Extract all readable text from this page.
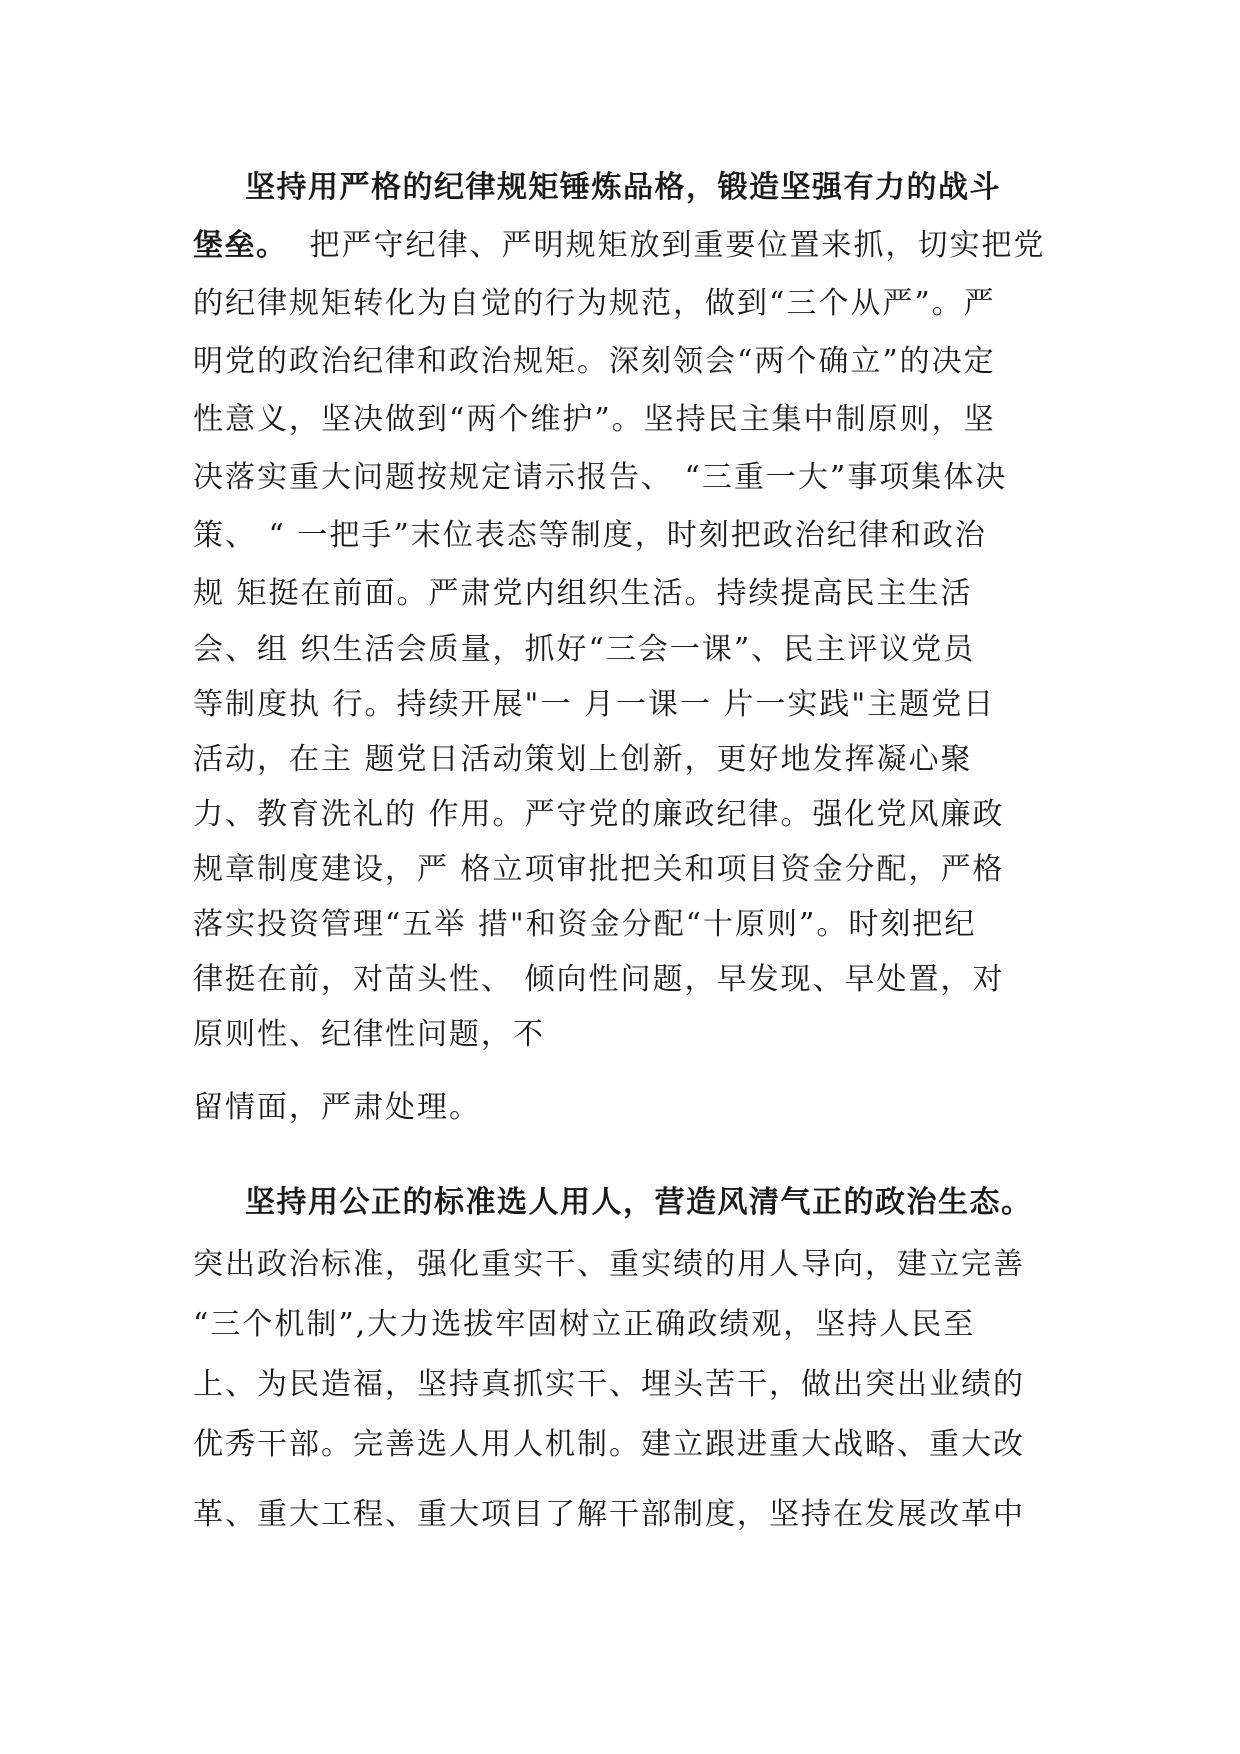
坚持用严格的纪律规矩锤炼品格，锻造坚强有力的战斗
堡垒。 把严守纪律、严明规矩放到重要位置来抓，切实把党
的纪律规矩转化为自觉的行为规范，做到“三个从严”。严
明党的政治纪律和政治规矩。深刻领会“两个确立”的决定
性意义，坚决做到“两个维护”。坚持民主集中制原则，坚
决落实重大问题按规定请示报告、 “三重一大”事项集体决
策、 “ 一把手”末位表态等制度，时刻把政治纪律和政治
规 矩挺在前面。严肃党内组织生活。持续提高民主生活
会、组 织生活会质量，抓好“三会一课”、民主评议党员
等制度执 行。持续开展"一 月一课一 片一实践"主题党日
活动，在主 题党日活动策划上创新，更好地发挥凝心聚
力、教育洗礼的 作用。严守党的廉政纪律。强化党风廉政
规章制度建设，严 格立项审批把关和项目资金分配，严格
落实投资管理“五举 措"和资金分配“十原则”。时刻把纪
律挺在前，对苗头性、 倾向性问题，早发现、早处置，对
原则性、纪律性问题，不
留情面，严肃处理。
坚持用公正的标准选人用人，营造风清气正的政治生态。
突出政治标准，强化重实干、重实绩的用人导向，建立完善
“三个机制”,大力选拔牢固树立正确政绩观，坚持人民至
上、为民造福，坚持真抓实干、埋头苦干，做出突出业绩的
优秀干部。完善选人用人机制。建立跟进重大战略、重大改
革、重大工程、重大项目了解干部制度，坚持在发展改革中
